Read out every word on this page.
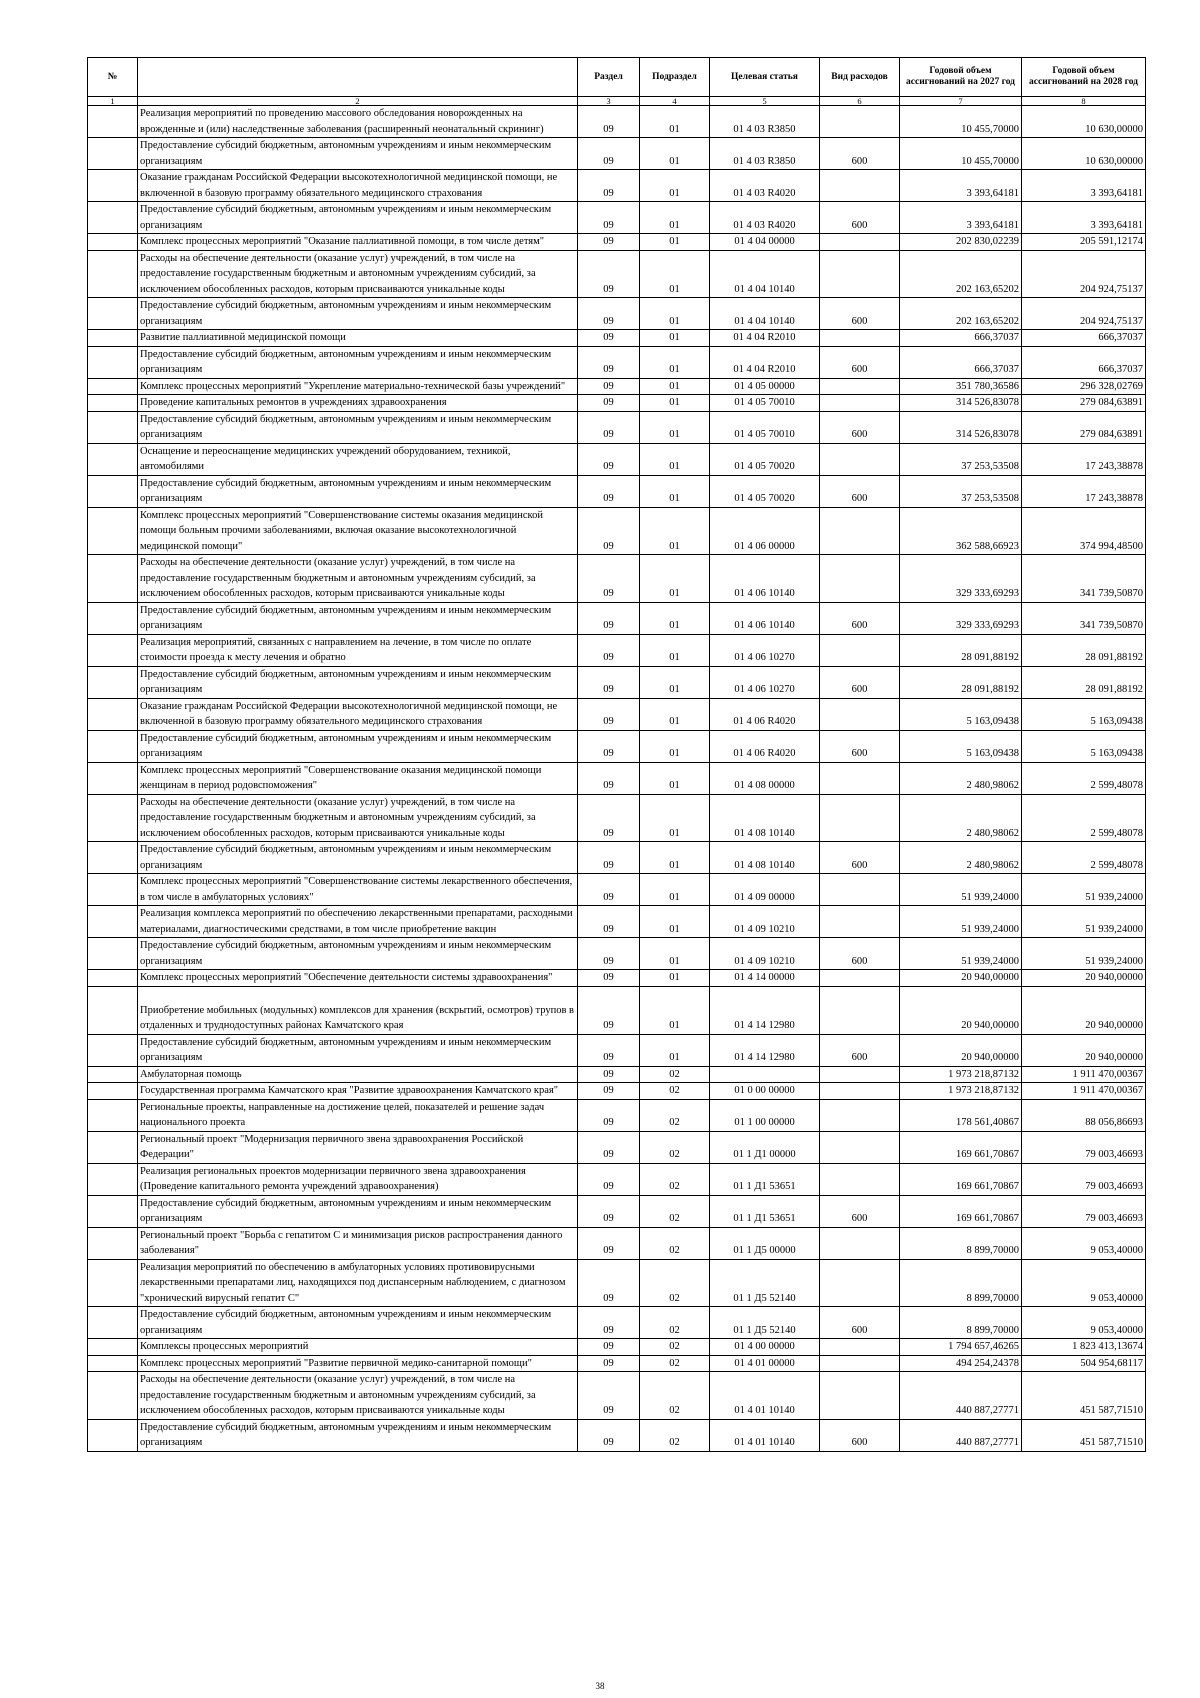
№		Раздел	Подраздел	Целевая статья	Вид расходов	Годовой объем ассигнований на 2027 год	Годовой объем ассигнований на 2028 год
1	2	3	4	5	6	7	8
	Реализация мероприятий по проведению массового обследования новорожденных на врожденные и (или) наследственные заболевания (расширенный неонатальный скрининг)	09	01	01 4 03 R3850		10 455,70000	10 630,00000
	Предоставление субсидий бюджетным, автономным учреждениям и иным некоммерческим организациям	09	01	01 4 03 R3850	600	10 455,70000	10 630,00000
	Оказание гражданам Российской Федерации высокотехнологичной медицинской помощи, не включенной в базовую программу обязательного медицинского страхования	09	01	01 4 03 R4020		3 393,64181	3 393,64181
	Предоставление субсидий бюджетным, автономным учреждениям и иным некоммерческим организациям	09	01	01 4 03 R4020	600	3 393,64181	3 393,64181
	Комплекс процессных мероприятий "Оказание паллиативной помощи, в том числе детям"	09	01	01 4 04 00000		202 830,02239	205 591,12174
	Расходы на обеспечение деятельности (оказание услуг) учреждений, в том числе на предоставление государственным бюджетным и автономным учреждениям субсидий, за исключением обособленных расходов, которым присваиваются уникальные коды	09	01	01 4 04 10140		202 163,65202	204 924,75137
	Предоставление субсидий бюджетным, автономным учреждениям и иным некоммерческим организациям	09	01	01 4 04 10140	600	202 163,65202	204 924,75137
	Развитие паллиативной медицинской помощи	09	01	01 4 04 R2010		666,37037	666,37037
	Предоставление субсидий бюджетным, автономным учреждениям и иным некоммерческим организациям	09	01	01 4 04 R2010	600	666,37037	666,37037
	Комплекс процессных мероприятий "Укрепление материально-технической базы учреждений"	09	01	01 4 05 00000		351 780,36586	296 328,02769
	Проведение капитальных ремонтов в учреждениях здравоохранения	09	01	01 4 05 70010		314 526,83078	279 084,63891
	Предоставление субсидий бюджетным, автономным учреждениям и иным некоммерческим организациям	09	01	01 4 05 70010	600	314 526,83078	279 084,63891
	Оснащение и переоснащение медицинских учреждений оборудованием, техникой, автомобилями	09	01	01 4 05 70020		37 253,53508	17 243,38878
	Предоставление субсидий бюджетным, автономным учреждениям и иным некоммерческим организациям	09	01	01 4 05 70020	600	37 253,53508	17 243,38878
	Комплекс процессных мероприятий "Совершенствование системы оказания медицинской помощи больным прочими заболеваниями, включая оказание высокотехнологичной медицинской помощи"	09	01	01 4 06 00000		362 588,66923	374 994,48500
	Расходы на обеспечение деятельности (оказание услуг) учреждений, в том числе на предоставление государственным бюджетным и автономным учреждениям субсидий, за исключением обособленных расходов, которым присваиваются уникальные коды	09	01	01 4 06 10140		329 333,69293	341 739,50870
	Предоставление субсидий бюджетным, автономным учреждениям и иным некоммерческим организациям	09	01	01 4 06 10140	600	329 333,69293	341 739,50870
	Реализация мероприятий, связанных с направлением на лечение, в том числе по оплате стоимости проезда к месту лечения и обратно	09	01	01 4 06 10270		28 091,88192	28 091,88192
	Предоставление субсидий бюджетным, автономным учреждениям и иным некоммерческим организациям	09	01	01 4 06 10270	600	28 091,88192	28 091,88192
	Оказание гражданам Российской Федерации высокотехнологичной медицинской помощи, не включенной в базовую программу обязательного медицинского страхования	09	01	01 4 06 R4020		5 163,09438	5 163,09438
	Предоставление субсидий бюджетным, автономным учреждениям и иным некоммерческим организациям	09	01	01 4 06 R4020	600	5 163,09438	5 163,09438
	Комплекс процессных мероприятий "Совершенствование оказания медицинской помощи женщинам в период родовспоможения"	09	01	01 4 08 00000		2 480,98062	2 599,48078
	Расходы на обеспечение деятельности (оказание услуг) учреждений, в том числе на предоставление государственным бюджетным и автономным учреждениям субсидий, за исключением обособленных расходов, которым присваиваются уникальные коды	09	01	01 4 08 10140		2 480,98062	2 599,48078
	Предоставление субсидий бюджетным, автономным учреждениям и иным некоммерческим организациям	09	01	01 4 08 10140	600	2 480,98062	2 599,48078
	Комплекс процессных мероприятий "Совершенствование системы лекарственного обеспечения, в том числе в амбулаторных условиях"	09	01	01 4 09 00000		51 939,24000	51 939,24000
	Реализация комплекса мероприятий по обеспечению лекарственными препаратами, расходными материалами, диагностическими средствами, в том числе приобретение вакцин	09	01	01 4 09 10210		51 939,24000	51 939,24000
	Предоставление субсидий бюджетным, автономным учреждениям и иным некоммерческим организациям	09	01	01 4 09 10210	600	51 939,24000	51 939,24000
	Комплекс процессных мероприятий "Обеспечение деятельности системы здравоохранения"	09	01	01 4 14 00000		20 940,00000	20 940,00000
	Приобретение мобильных (модульных) комплексов для хранения (вскрытий, осмотров) трупов в отдаленных и труднодоступных районах Камчатского края	09	01	01 4 14 12980		20 940,00000	20 940,00000
	Предоставление субсидий бюджетным, автономным учреждениям и иным некоммерческим организациям	09	01	01 4 14 12980	600	20 940,00000	20 940,00000
	Амбулаторная помощь	09	02			1 973 218,87132	1 911 470,00367
	Государственная программа Камчатского края "Развитие здравоохранения Камчатского края"	09	02	01 0 00 00000		1 973 218,87132	1 911 470,00367
	Региональные проекты, направленные на достижение целей, показателей и решение задач национального проекта	09	02	01 1 00 00000		178 561,40867	88 056,86693
	Региональный проект "Модернизация первичного звена здравоохранения Российской Федерации"	09	02	01 1 Д1 00000		169 661,70867	79 003,46693
	Реализация региональных проектов модернизации первичного звена здравоохранения (Проведение капитального ремонта учреждений здравоохранения)	09	02	01 1 Д1 53651		169 661,70867	79 003,46693
	Предоставление субсидий бюджетным, автономным учреждениям и иным некоммерческим организациям	09	02	01 1 Д1 53651	600	169 661,70867	79 003,46693
	Региональный проект "Борьба с гепатитом С и минимизация рисков распространения данного заболевания"	09	02	01 1 Д5 00000		8 899,70000	9 053,40000
	Реализация мероприятий по обеспечению в амбулаторных условиях противовирусными лекарственными препаратами лиц, находящихся под диспансерным наблюдением, с диагнозом "хронический вирусный гепатит С"	09	02	01 1 Д5 52140		8 899,70000	9 053,40000
	Предоставление субсидий бюджетным, автономным учреждениям и иным некоммерческим организациям	09	02	01 1 Д5 52140	600	8 899,70000	9 053,40000
	Комплексы процессных мероприятий	09	02	01 4 00 00000		1 794 657,46265	1 823 413,13674
	Комплекс процессных мероприятий "Развитие первичной медико-санитарной помощи"	09	02	01 4 01 00000		494 254,24378	504 954,68117
	Расходы на обеспечение деятельности (оказание услуг) учреждений, в том числе на предоставление государственным бюджетным и автономным учреждениям субсидий, за исключением обособленных расходов, которым присваиваются уникальные коды	09	02	01 4 01 10140		440 887,27771	451 587,71510
	Предоставление субсидий бюджетным, автономным учреждениям и иным некоммерческим организациям	09	02	01 4 01 10140	600	440 887,27771	451 587,71510
38
